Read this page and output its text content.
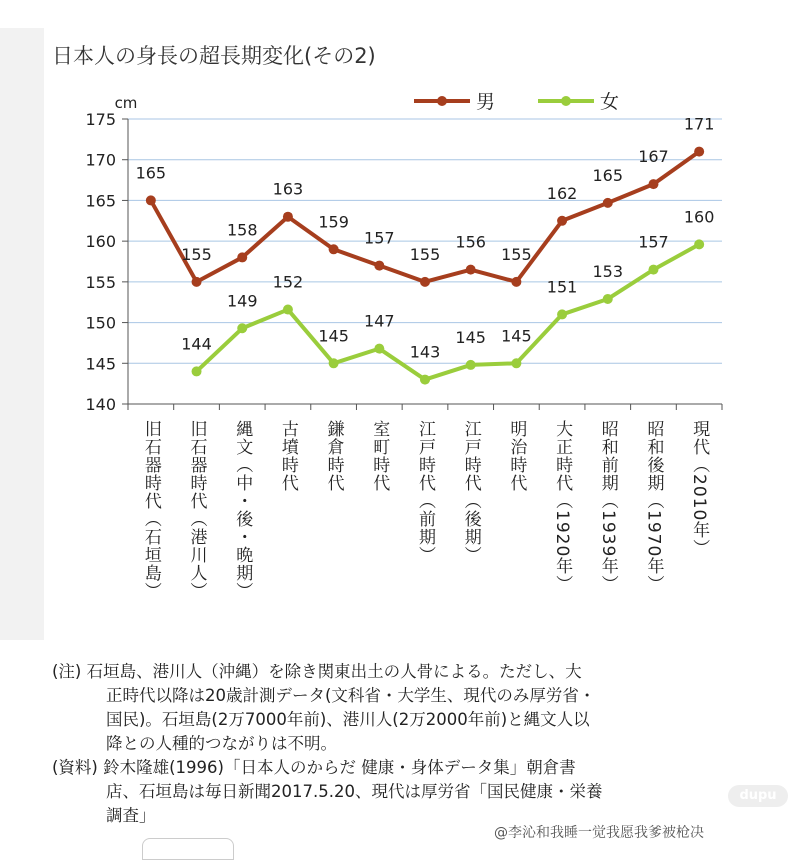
日本人の身長の超長期変化(その2)
140
145
150
155
160
165
170
175
cm
旧石器時代（石垣島） 旧石器時代（港川人） 縄文（中・後・晩期） 古墳時代 鎌倉時代 室町時代 江戸時代（前期） 江戸時代（後期） 明治時代 大正時代（1920年） 昭和前期（1939年） 昭和後期（1970年） 現代（2010年）
165
155
158
163
159
157
155
156
155
162
165
167
171
144
149
152
145
147
143
145 145
151
153
157
160
男	女
(注) 石垣島、港川人（沖縄）を除き関東出土の人骨による。ただし、大
正時代以降は20歳計測データ(文科省・大学生、現代のみ厚労省・
国民)。石垣島(2万7000年前)、港川人(2万2000年前)と縄文人以
降との人種的つながりは不明。
(資料) 鈴木隆雄(1996)「日本人のからだ 健康・身体データ集」朝倉書
店、石垣島は毎日新聞2017.5.20、現代は厚労省「国民健康・栄養
調査」
dupu
@李沁和我睡一觉我愿我爹被枪决
